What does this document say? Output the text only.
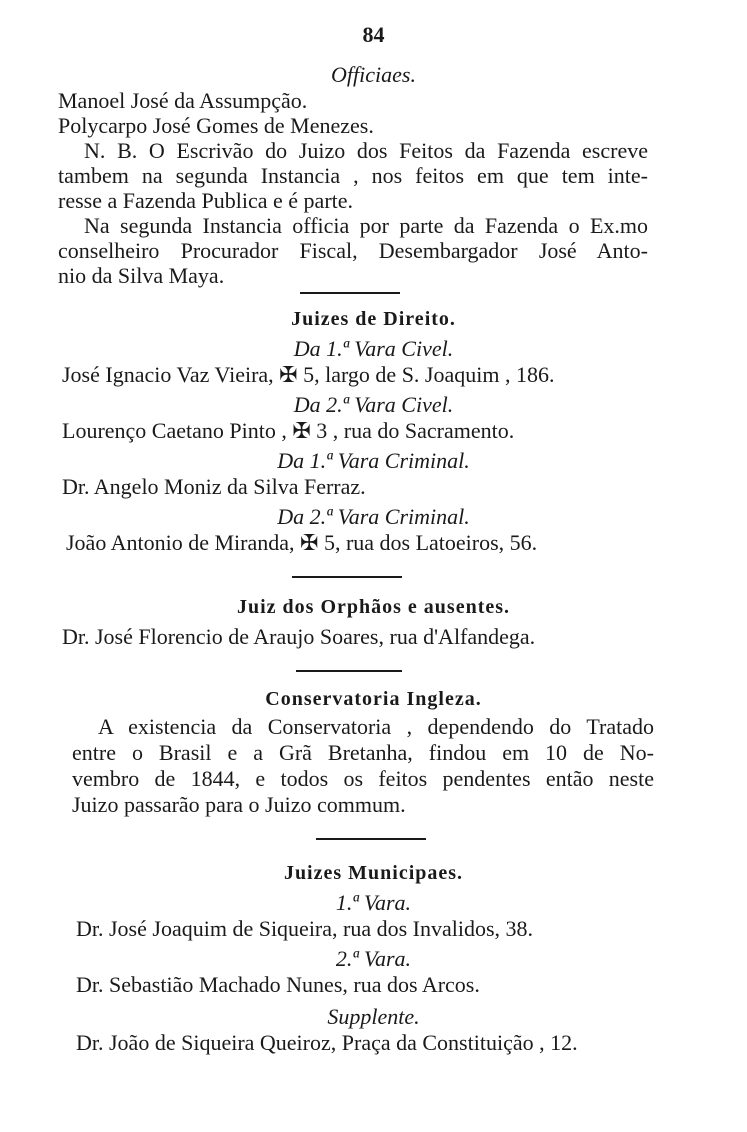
84
Officiaes.
Manoel José da Assumpção.
Polycarpo José Gomes de Menezes.
N. B. O Escrivão do Juizo dos Feitos da Fazenda escreve
tambem na segunda Instancia , nos feitos em que tem inte-
resse a Fazenda Publica e é parte.
Na segunda Instancia officia por parte da Fazenda o Ex.mo
conselheiro Procurador Fiscal, Desembargador José Anto-
nio da Silva Maya.
Juizes de Direito.
Da 1.ª Vara Civel.
José Ignacio Vaz Vieira, ✠ 5, largo de S. Joaquim , 186.
Da 2.ª Vara Civel.
Lourenço Caetano Pinto , ✠ 3 , rua do Sacramento.
Da 1.ª Vara Criminal.
Dr. Angelo Moniz da Silva Ferraz.
Da 2.ª Vara Criminal.
João Antonio de Miranda, ✠ 5, rua dos Latoeiros, 56.
Juiz dos Orphãos e ausentes.
Dr. José Florencio de Araujo Soares, rua d'Alfandega.
Conservatoria Ingleza.
A existencia da Conservatoria , dependendo do Tratado
entre o Brasil e a Grã Bretanha, findou em 10 de No-
vembro de 1844, e todos os feitos pendentes então neste
Juizo passarão para o Juizo commum.
Juizes Municipaes.
1.ª Vara.
Dr. José Joaquim de Siqueira, rua dos Invalidos, 38.
2.ª Vara.
Dr. Sebastião Machado Nunes, rua dos Arcos.
Supplente.
Dr. João de Siqueira Queiroz, Praça da Constituição , 12.
